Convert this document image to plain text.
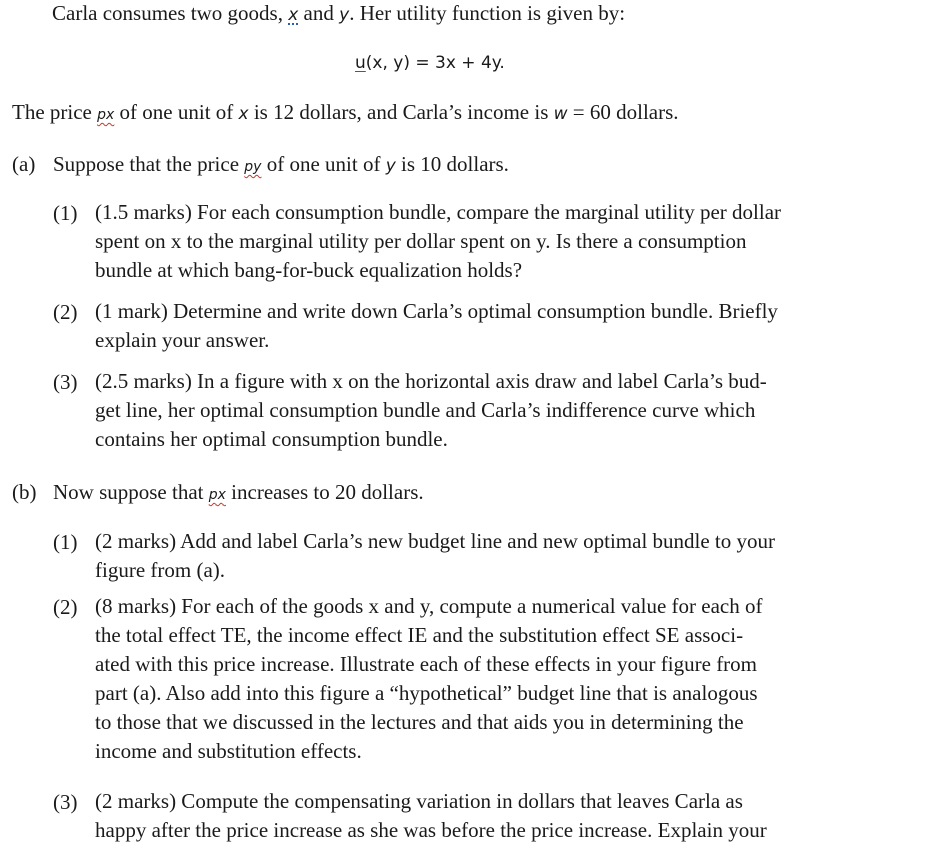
Carla consumes two goods, x and y. Her utility function is given by:
u(x, y) = 3x + 4y.
The price px of one unit of x is 12 dollars, and Carla’s income is w = 60 dollars.
(a) Suppose that the price py of one unit of y is 10 dollars.
(1) (1.5 marks) For each consumption bundle, compare the marginal utility per dollar
spent on x to the marginal utility per dollar spent on y. Is there a consumption
bundle at which bang-for-buck equalization holds?
(2) (1 mark) Determine and write down Carla’s optimal consumption bundle. Briefly
explain your answer.
(3) (2.5 marks) In a figure with x on the horizontal axis draw and label Carla’s bud-
get line, her optimal consumption bundle and Carla’s indifference curve which
contains her optimal consumption bundle.
(b) Now suppose that px increases to 20 dollars.
(1) (2 marks) Add and label Carla’s new budget line and new optimal bundle to your
figure from (a).
(2) (8 marks) For each of the goods x and y, compute a numerical value for each of
the total effect TE, the income effect IE and the substitution effect SE associ-
ated with this price increase. Illustrate each of these effects in your figure from
part (a). Also add into this figure a “hypothetical” budget line that is analogous
to those that we discussed in the lectures and that aids you in determining the
income and substitution effects.
(3) (2 marks) Compute the compensating variation in dollars that leaves Carla as
happy after the price increase as she was before the price increase. Explain your
